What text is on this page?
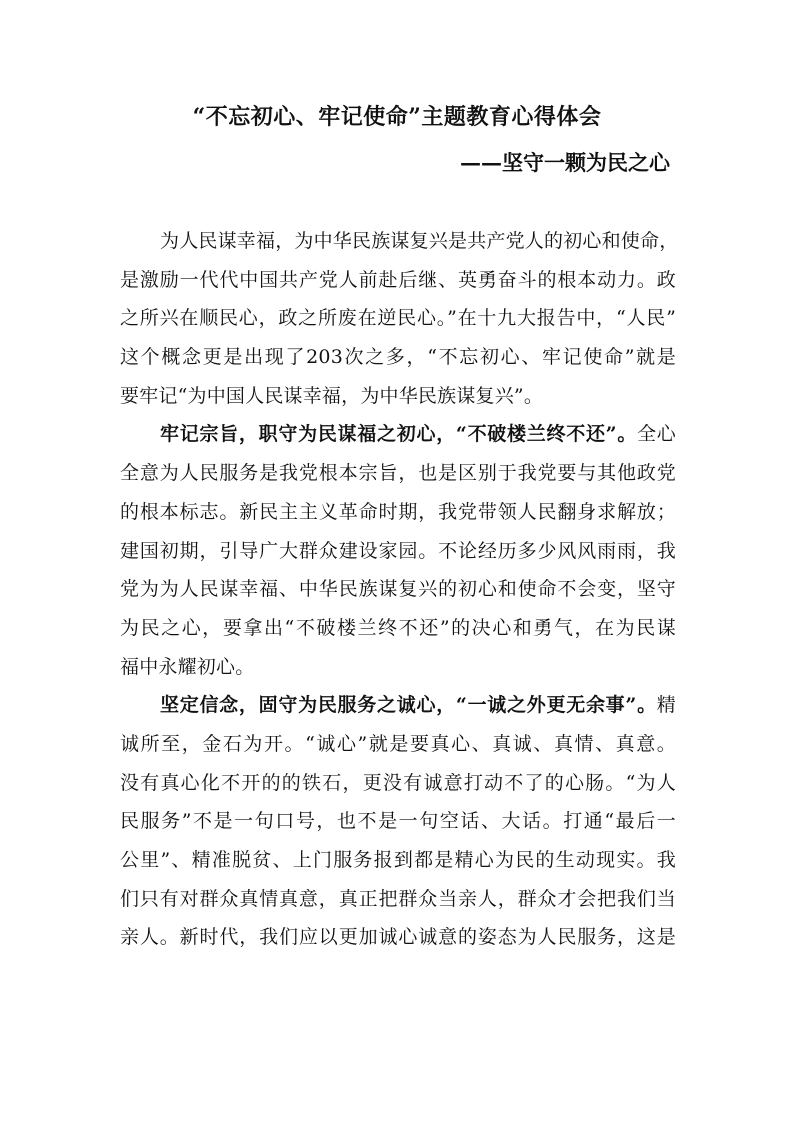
“不忘初心、牢记使命”主题教育心得体会
——坚守一颗为民之心
为人民谋幸福，为中华民族谋复兴是共产党人的初心和使命，
是激励一代代中国共产党人前赴后继、英勇奋斗的根本动力。政
之所兴在顺民心，政之所废在逆民心。”在十九大报告中，“人民”
这个概念更是出现了203次之多，“不忘初心、牢记使命”就是
要牢记“为中国人民谋幸福，为中华民族谋复兴”。
牢记宗旨，职守为民谋福之初心，“不破楼兰终不还”。全心
全意为人民服务是我党根本宗旨，也是区别于我党要与其他政党
的根本标志。新民主主义革命时期，我党带领人民翻身求解放；
建国初期，引导广大群众建设家园。不论经历多少风风雨雨，我
党为为人民谋幸福、中华民族谋复兴的初心和使命不会变，坚守
为民之心，要拿出“不破楼兰终不还”的决心和勇气，在为民谋
福中永耀初心。
坚定信念，固守为民服务之诚心，“一诚之外更无余事”。精
诚所至，金石为开。“诚心”就是要真心、真诚、真情、真意。
没有真心化不开的的铁石，更没有诚意打动不了的心肠。“为人
民服务”不是一句口号，也不是一句空话、大话。打通“最后一
公里”、精准脱贫、上门服务报到都是精心为民的生动现实。我
们只有对群众真情真意，真正把群众当亲人，群众才会把我们当
亲人。新时代，我们应以更加诚心诚意的姿态为人民服务，这是
